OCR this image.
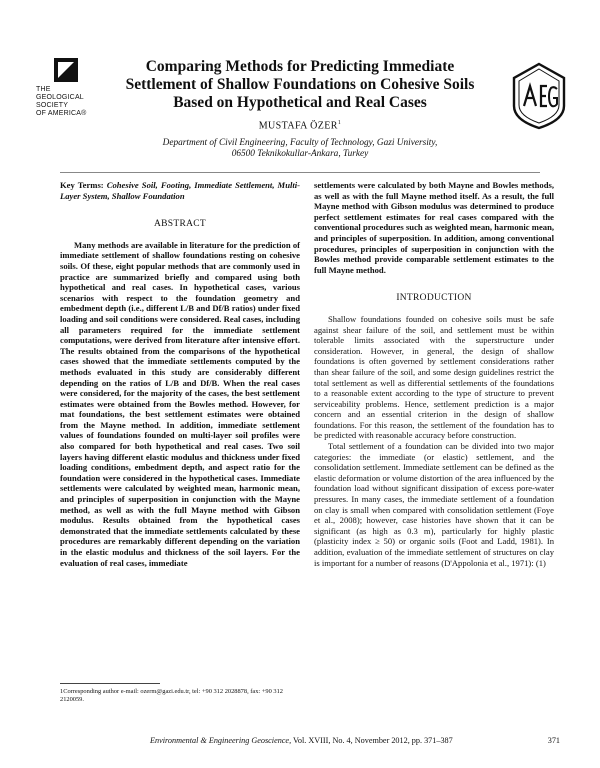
THE
GEOLOGICAL
SOCIETY
OF AMERICA®
Comparing Methods for Predicting Immediate
Settlement of Shallow Foundations on Cohesive Soils
Based on Hypothetical and Real Cases
MUSTAFA ÖZER$^1$
Department of Civil Engineering, Faculty of Technology, Gazi University,
06500 Teknikokullar-Ankara, Turkey

Key Terms: Cohesive Soil, Footing, Immediate Settlement, Multi-Layer System, Shallow Foundation

ABSTRACT

Many methods are available in literature for the prediction of immediate settlement of shallow foundations resting on cohesive soils. Of these, eight popular methods that are commonly used in practice are summarized briefly and compared using both hypothetical and real cases. In hypothetical cases, various scenarios with respect to the foundation geometry and embedment depth (i.e., different L/B and Df/B ratios) under fixed loading and soil conditions were considered. Real cases, including all parameters required for the immediate settlement computations, were derived from literature after intensive effort. The results obtained from the comparisons of the hypothetical cases showed that the immediate settlements computed by the methods evaluated in this study are considerably different depending on the ratios of L/B and Df/B. When the real cases were considered, for the majority of the cases, the best settlement estimates were obtained from the Bowles method. However, for mat foundations, the best settlement estimates were obtained from the Mayne method. In addition, immediate settlement values of foundations founded on multi-layer soil profiles were also compared for both hypothetical and real cases. Two soil layers having different elastic modulus and thickness under fixed loading conditions, embedment depth, and aspect ratio for the foundation were considered in the hypothetical cases. Immediate settlements were calculated by weighted mean, harmonic mean, and principles of superposition in conjunction with the Mayne method, as well as with the full Mayne method with Gibson modulus. Results obtained from the hypothetical cases demonstrated that the immediate settlements calculated by these procedures are remarkably different depending on the variation in the elastic modulus and thickness of the soil layers. For the evaluation of real cases, immediate

settlements were calculated by both Mayne and Bowles methods, as well as with the full Mayne method itself. As a result, the full Mayne method with Gibson modulus was determined to produce perfect settlement estimates for real cases compared with the conventional procedures such as weighted mean, harmonic mean, and principles of superposition. In addition, among conventional procedures, principles of superposition in conjunction with the Bowles method provide comparable settlement estimates to the full Mayne method.

INTRODUCTION

Shallow foundations founded on cohesive soils must be safe against shear failure of the soil, and settlement must be within tolerable limits associated with the superstructure under consideration. However, in general, the design of shallow foundations is often governed by settlement considerations rather than shear failure of the soil, and some design guidelines restrict the total settlement as well as differential settlements of the foundations to a reasonable extent according to the type of structure to prevent serviceability problems. Hence, settlement prediction is a major concern and an essential criterion in the design of shallow foundations. For this reason, the settlement of the foundation has to be predicted with reasonable accuracy before construction.

Total settlement of a foundation can be divided into two major categories: the immediate (or elastic) settlement, and the consolidation settlement. Immediate settlement can be defined as the elastic deformation or volume distortion of the area influenced by the foundation load without significant dissipation of excess pore-water pressures. In many cases, the immediate settlement of a foundation on clay is small when compared with consolidation settlement (Foye et al., 2008); however, case histories have shown that it can be significant (as high as 0.3 m), particularly for highly plastic (plasticity index ≥ 50) or organic soils (Foot and Ladd, 1981). In addition, evaluation of the immediate settlement of structures on clay is important for a number of reasons (D'Appolonia et al., 1971): (1)

1Corresponding author e-mail: ozerm@gazi.edu.tr, tel: +90 312 2028878, fax: +90 312 2120059.
Environmental & Engineering Geoscience, Vol. XVIII, No. 4, November 2012, pp. 371–387	371
